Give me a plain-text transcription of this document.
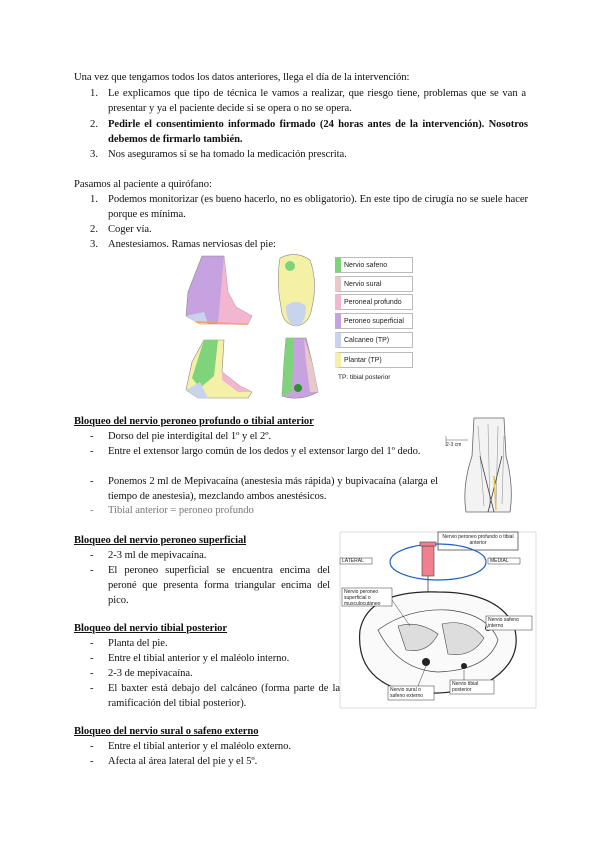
Una vez que tengamos todos los datos anteriores, llega el día de la intervención:
1. Le explicamos que tipo de técnica le vamos a realizar, que riesgo tiene, problemas que se van a presentar y ya el paciente decide si se opera o no se opera.
2. Pedirle el consentimiento informado firmado (24 horas antes de la intervención). Nosotros debemos de firmarlo también.
3. Nos aseguramos si se ha tomado la medicación prescrita.
Pasamos al paciente a quirófano:
1. Podemos monitorizar (es bueno hacerlo, no es obligatorio). En este tipo de cirugía no se suele hacer porque es mínima.
2. Coger vía.
3. Anestesiamos. Ramas nerviosas del pie:
Nervio safeno
Nervio sural
Peroneal profundo
Peroneo superficial
Calcaneo (TP)
Plantar (TP)
TP: tibial posterior
Bloqueo del nervio peroneo profundo o tibial anterior
- Dorso del pie interdigital del 1º y el 2º.
- Entre el extensor largo común de los dedos y el extensor largo del 1º dedo.
- Ponemos 2 ml de Mepivacaína (anestesia más rápida) y bupivacaína (alarga el tiempo de anestesia), mezclando ambos anestésicos.
- Tibial anterior = peroneo profundo
2-3 cm
Bloqueo del nervio peroneo superficial
- 2-3 ml de mepivacaína.
- El peroneo superficial se encuentra encima del peroné que presenta forma triangular encima del pico.
Bloqueo del nervio tibial posterior
- Planta del pie.
- Entre el tibial anterior y el maléolo interno.
- 2-3 de mepivacaína.
- El baxter está debajo del calcáneo (forma parte de la ramificación del tibial posterior).
Nervio peroneo profundo o tibial anterior
LATERAL	MEDIAL
Nervio peroneo superficial o musculocutáneo
Nervio safeno interno
Nervio sural o safeno externo
Nervio tibial posterior
Bloqueo del nervio sural o safeno externo
- Entre el tibial anterior y el maléolo externo.
- Afecta al área lateral del pie y el 5º.
